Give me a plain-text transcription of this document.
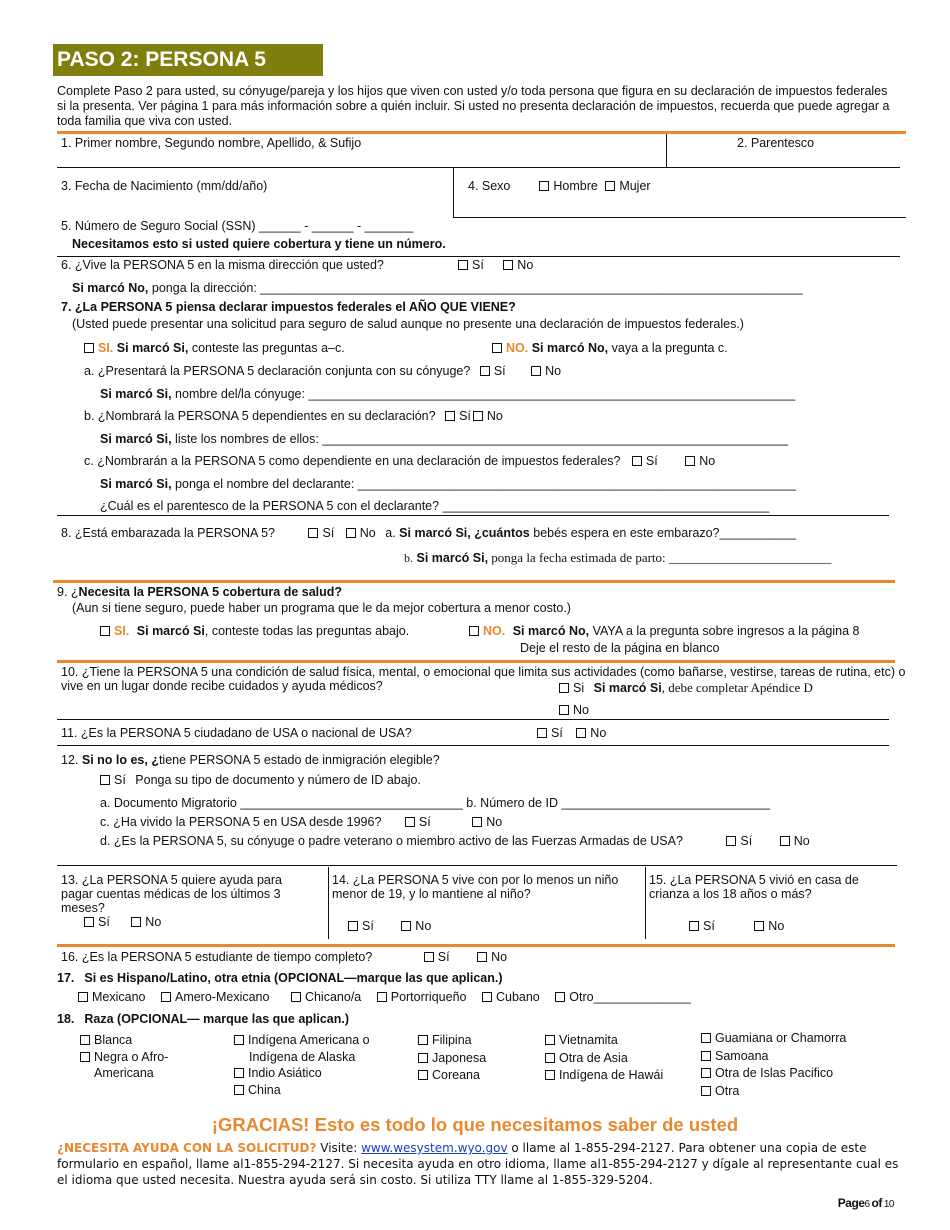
PASO 2: PERSONA 5
Complete Paso 2 para usted, su cónyuge/pareja y los hijos que viven con usted y/o toda persona que figura en su declaración de impuestos federales si la presenta. Ver página 1 para más información sobre a quién incluir. Si usted no presenta declaración de impuestos, recuerda que puede agregar a toda familia que viva con usted.
1. Primer nombre, Segundo nombre, Apellido, & Sufijo	2. Parentesco
3. Fecha de Nacimiento (mm/dd/año)	4. Sexo	Hombre Mujer
5. Número de Seguro Social (SSN) ______ - ______ - _______
Necesitamos esto si usted quiere cobertura y tiene un número.
6. ¿Vive la PERSONA 5 en la misma dirección que usted?	Sí	No
Si marcó No, ponga la dirección: ______________________________________________________________________________
7. ¿La PERSONA 5 piensa declarar impuestos federales el AÑO QUE VIENE?
(Usted puede presentar una solicitud para seguro de salud aunque no presente una declaración de impuestos federales.)
SI. Si marcó Si, conteste las preguntas a–c.	NO. Si marcó No, vaya a la pregunta c.
a. ¿Presentará la PERSONA 5 declaración conjunta con su cónyuge? Sí	No
Si marcó Si, nombre del/la cónyuge: ______________________________________________________________________
b. ¿Nombrará la PERSONA 5 dependientes en su declaración? Sí No
Si marcó Si, liste los nombres de ellos: ___________________________________________________________________
c. ¿Nombrarán a la PERSONA 5 como dependiente en una declaración de impuestos federales? Sí	No
Si marcó Si, ponga el nombre del declarante: _______________________________________________________________
¿Cuál es el parentesco de la PERSONA 5 con el declarante? _______________________________________________
8. ¿Está embarazada la PERSONA 5?	Sí No a. Si marcó Si, ¿cuántos bebés espera en este embarazo?___________
b. Si marcó Si, ponga la fecha estimada de parto: _________________________
9. ¿Necesita la PERSONA 5 cobertura de salud?
(Aun si tiene seguro, puede haber un programa que le da mejor cobertura a menor costo.)
SI. Si marcó Si, conteste todas las preguntas abajo.	NO. Si marcó No, VAYA a la pregunta sobre ingresos a la página 8
Deje el resto de la página en blanco
10. ¿Tiene la PERSONA 5 una condición de salud física, mental, o emocional que limita sus actividades (como bañarse, vestirse, tareas de rutina, etc) o vive en un lugar donde recibe cuidados y ayuda médicos?	Si Si marcó Si, debe completar Apéndice D
No
11. ¿Es la PERSONA 5 ciudadano de USA o nacional de USA?	Sí No
12. Si no lo es, ¿tiene PERSONA 5 estado de inmigración elegible?
Sí Ponga su tipo de documento y número de ID abajo.
a. Documento Migratorio ________________________________ b. Número de ID ______________________________
c. ¿Ha vivido la PERSONA 5 en USA desde 1996?	Sí	No
d. ¿Es la PERSONA 5, su cónyuge o padre veterano o miembro activo de las Fuerzas Armadas de USA?	Sí	No
13. ¿La PERSONA 5 quiere ayuda para pagar cuentas médicas de los últimos 3 meses?
Sí	No
14. ¿La PERSONA 5 vive con por lo menos un niño menor de 19, y lo mantiene al niño?
Sí	No
15. ¿La PERSONA 5 vivió en casa de crianza a los 18 años o más?
Sí	No
16. ¿Es la PERSONA 5 estudiante de tiempo completo?	Sí	No
17. Si es Hispano/Latino, otra etnia (OPCIONAL—marque las que aplican.)
Mexicano Amero-Mexicano	Chicano/a Portorriqueño Cubano Otro______________
18. Raza (OPCIONAL— marque las que aplican.)
Blanca
Negra o Afro-
Americana
Indígena Americana o
Indígena de Alaska
Indio Asiático
China
Filipina
Japonesa
Coreana
Vietnamita
Otra de Asia
Indígena de Hawái
Guamiana or Chamorra
Samoana
Otra de Islas Pacifico
Otra
¡GRACIAS! Esto es todo lo que necesitamos saber de usted
¿NECESITA AYUDA CON LA SOLICITUD? Visite: www.wesystem.wyo.gov o llame al 1-855-294-2127. Para obtener una copia de este formulario en español, llame al1-855-294-2127. Si necesita ayuda en otro idioma, llame al1-855-294-2127 y dígale al representante cual es el idioma que usted necesita. Nuestra ayuda será sin costo. Si utiliza TTY llame al 1-855-329-5204.
Page6 of 10
